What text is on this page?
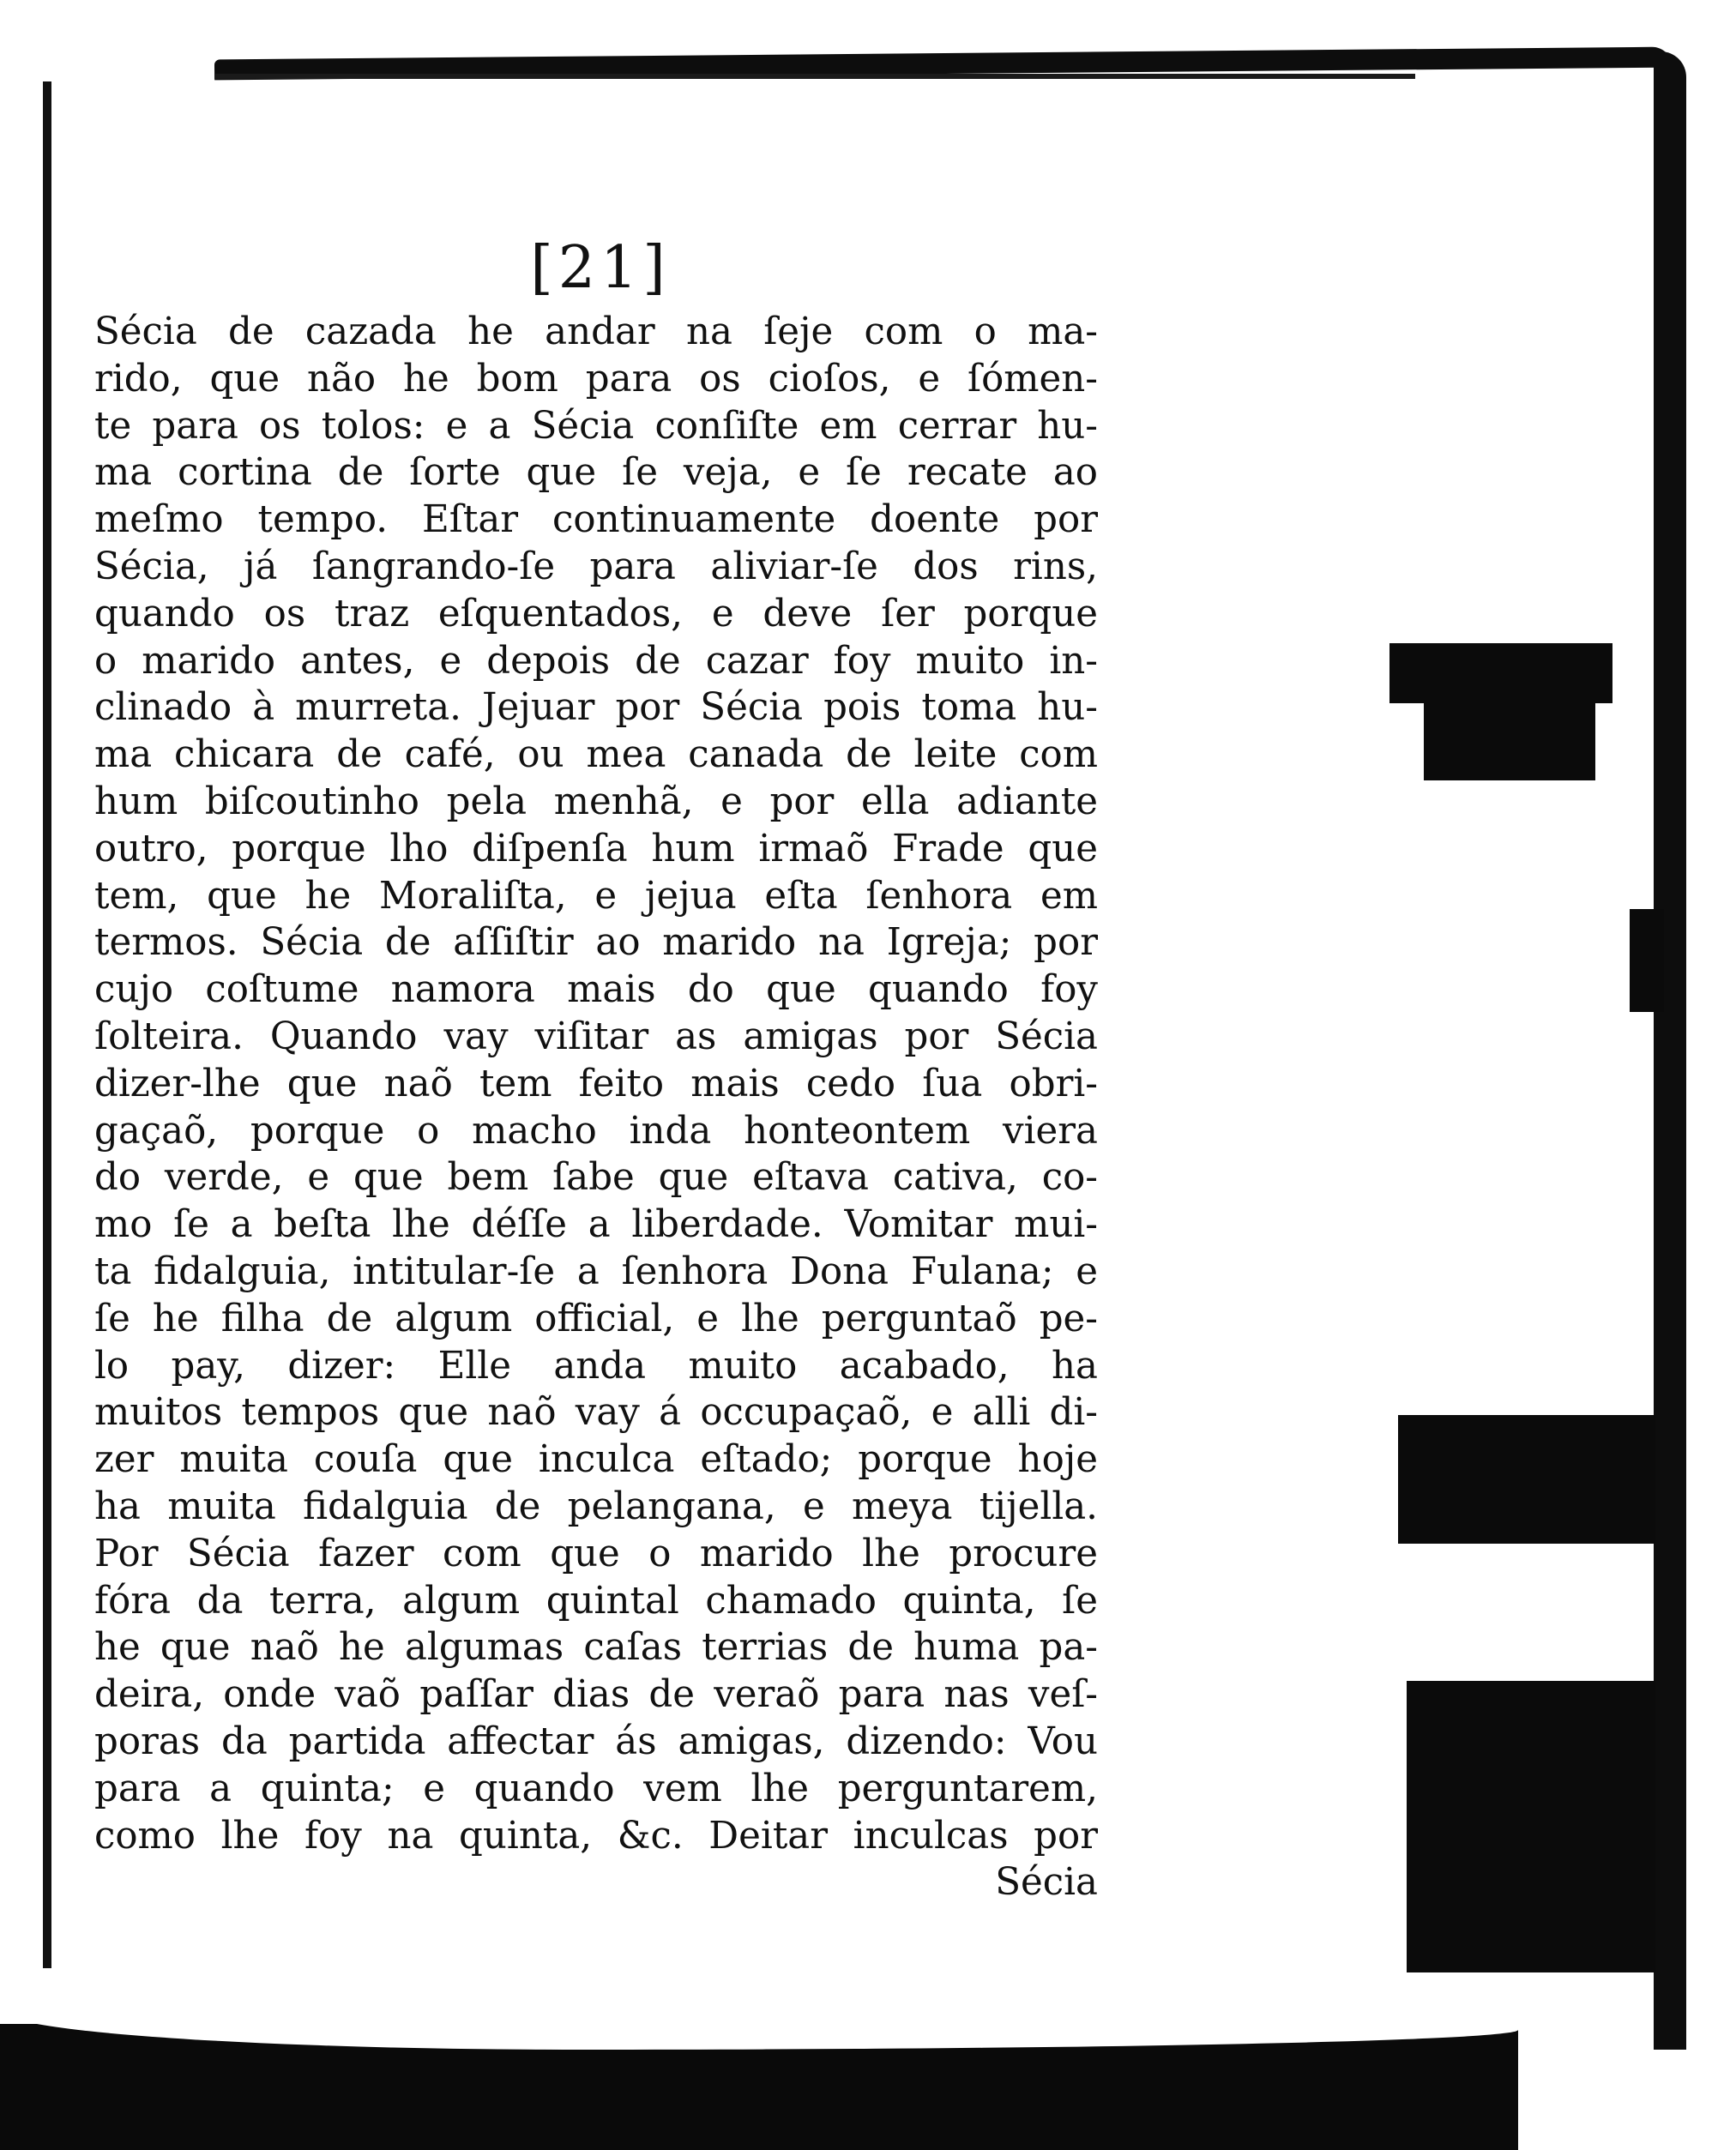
[21]
Sécia de cazada he andar na ſeje com o ma-
rido, que não he bom para os cioſos, e ſómen-
te para os tolos: e a Sécia conſiſte em cerrar hu-
ma cortina de ſorte que ſe veja, e ſe recate ao
meſmo tempo. Eſtar continuamente doente por
Sécia, já ſangrando-ſe para aliviar-ſe dos rins,
quando os traz eſquentados, e deve ſer porque
o marido antes, e depois de cazar foy muito in-
clinado à murreta. Jejuar por Sécia pois toma hu-
ma chicara de café, ou mea canada de leite com
hum biſcoutinho pela menhã, e por ella adiante
outro, porque lho diſpenſa hum irmaõ Frade que
tem, que he Moraliſta, e jejua eſta ſenhora em
termos. Sécia de aſſiſtir ao marido na Igreja; por
cujo coſtume namora mais do que quando foy
ſolteira. Quando vay viſitar as amigas por Sécia
dizer-lhe que naõ tem feito mais cedo ſua obri-
gaçaõ, porque o macho inda honteontem viera
do verde, e que bem ſabe que eſtava cativa, co-
mo ſe a beſta lhe déſſe a liberdade. Vomitar mui-
ta fidalguia, intitular-ſe a ſenhora Dona Fulana; e
ſe he filha de algum official, e lhe perguntaõ pe-
lo pay, dizer: Elle anda muito acabado, ha
muitos tempos que naõ vay á occupaçaõ, e alli di-
zer muita couſa que inculca eſtado; porque hoje
ha muita fidalguia de pelangana, e meya tijella.
Por Sécia fazer com que o marido lhe procure
fóra da terra, algum quintal chamado quinta, ſe
he que naõ he algumas caſas terrias de huma pa-
deira, onde vaõ paſſar dias de veraõ para nas veſ-
poras da partida affectar ás amigas, dizendo: Vou
para a quinta; e quando vem lhe perguntarem,
como lhe foy na quinta, &c. Deitar inculcas por
Sécia
